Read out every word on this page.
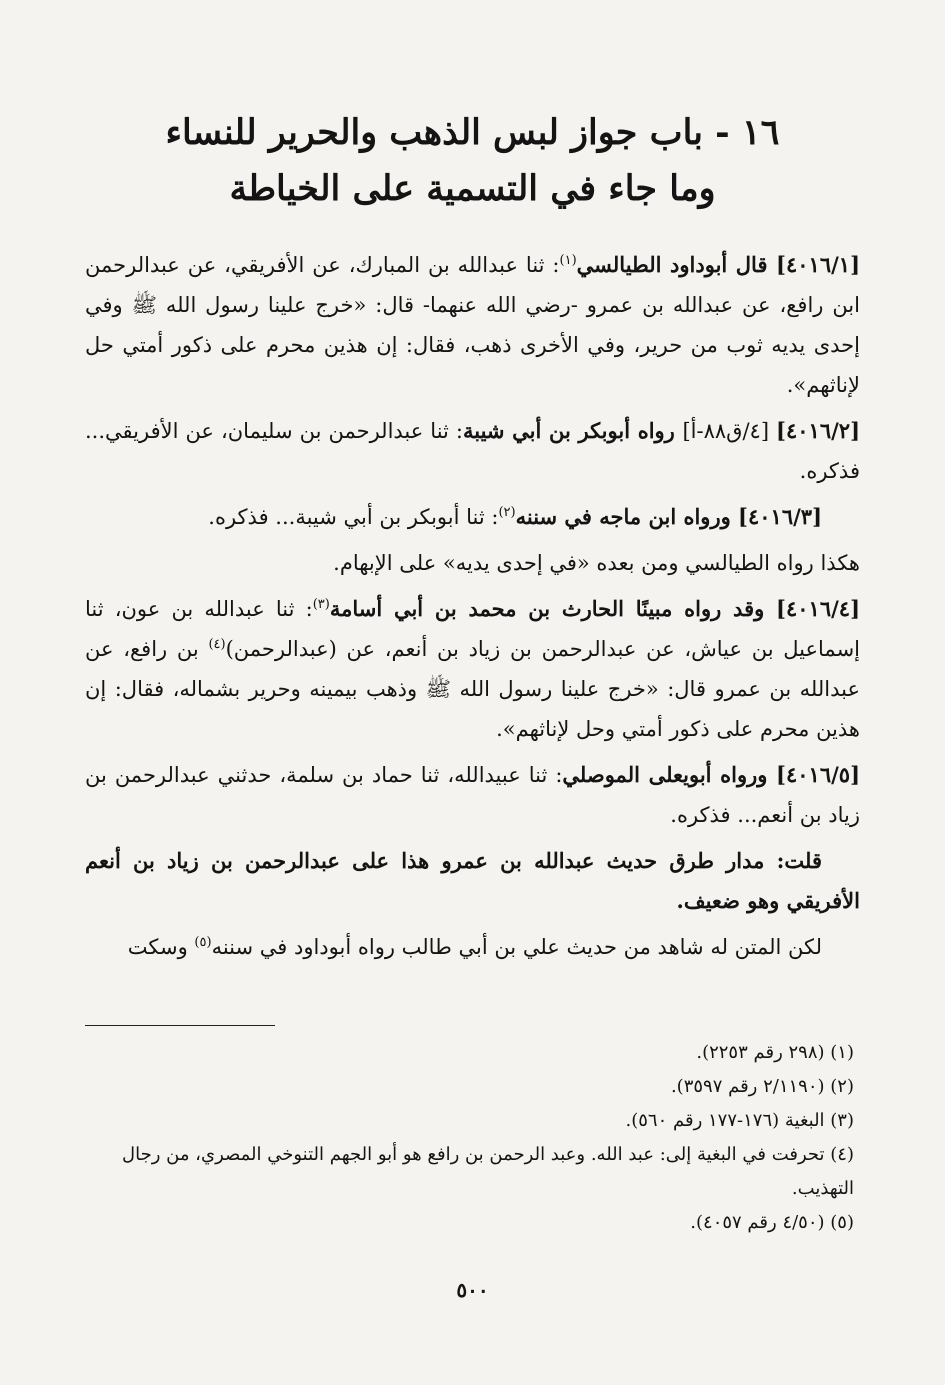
١٦ - باب جواز لبس الذهب والحرير للنساء
وما جاء في التسمية على الخياطة

[٤٠١٦/١] قال أبوداود الطيالسي$^{(١)}$: ثنا عبدالله بن المبارك، عن الأفريقي، عن عبدالرحمن ابن رافع، عن عبدالله بن عمرو -رضي الله عنهما- قال: «خرج علينا رسول الله ﷺ وفي إحدى يديه ثوب من حرير، وفي الأخرى ذهب، فقال: إن هذين محرم على ذكور أمتي حل لإناثهم».

[٤٠١٦/٢] [٤/ق٨٨-أ] رواه أبوبكر بن أبي شيبة: ثنا عبدالرحمن بن سليمان، عن الأفريقي... فذكره.

[٤٠١٦/٣] ورواه ابن ماجه في سننه$^{(٢)}$: ثنا أبوبكر بن أبي شيبة... فذكره.

هكذا رواه الطيالسي ومن بعده «في إحدى يديه» على الإبهام.

[٤٠١٦/٤] وقد رواه مبينًا الحارث بن محمد بن أبي أسامة$^{(٣)}$: ثنا عبدالله بن عون، ثنا إسماعيل بن عياش، عن عبدالرحمن بن زياد بن أنعم، عن (عبدالرحمن)$^{(٤)}$ بن رافع، عن عبدالله بن عمرو قال: «خرج علينا رسول الله ﷺ وذهب بيمينه وحرير بشماله، فقال: إن هذين محرم على ذكور أمتي وحل لإناثهم».

[٤٠١٦/٥] ورواه أبويعلى الموصلي: ثنا عبيدالله، ثنا حماد بن سلمة، حدثني عبدالرحمن بن زياد بن أنعم... فذكره.

قلت: مدار طرق حديث عبدالله بن عمرو هذا على عبدالرحمن بن زياد بن أنعم الأفريقي وهو ضعيف.

لكن المتن له شاهد من حديث علي بن أبي طالب رواه أبوداود في سننه$^{(٥)}$ وسكت

(١) (٢٩٨ رقم ٢٢٥٣).

(٢) (٢/١١٩٠ رقم ٣٥٩٧).

(٣) البغية (١٧٦-١٧٧ رقم ٥٦٠).

(٤) تحرفت في البغية إلى: عبد الله. وعبد الرحمن بن رافع هو أبو الجهم التنوخي المصري، من رجال التهذيب.

(٥) (٤/٥٠ رقم ٤٠٥٧).

٥٠٠
